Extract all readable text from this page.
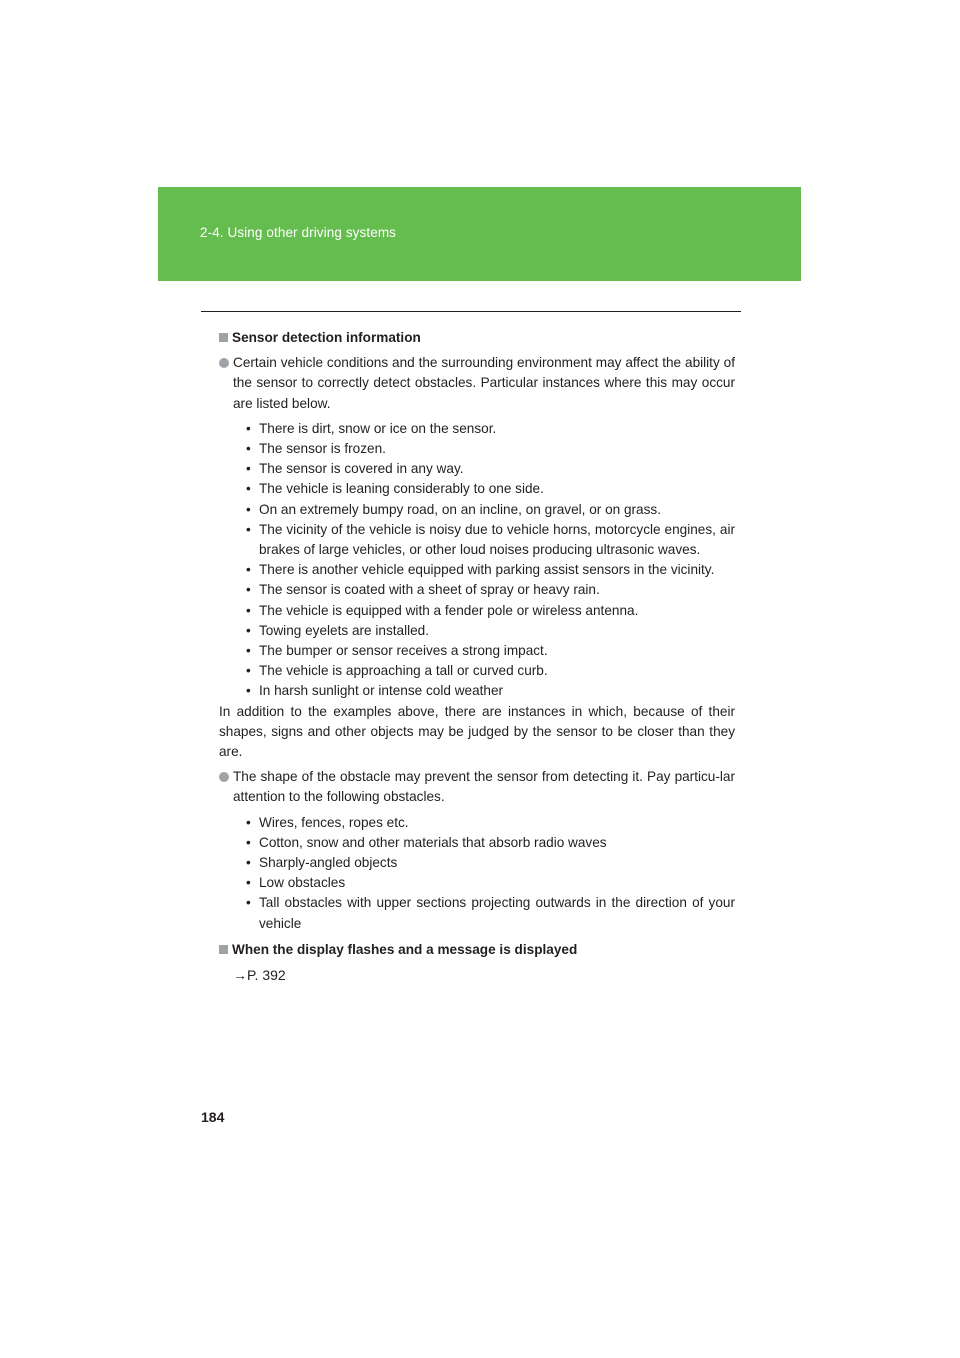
2-4. Using other driving systems
Sensor detection information
Certain vehicle conditions and the surrounding environment may affect the ability of the sensor to correctly detect obstacles. Particular instances where this may occur are listed below.
• There is dirt, snow or ice on the sensor.
• The sensor is frozen.
• The sensor is covered in any way.
• The vehicle is leaning considerably to one side.
• On an extremely bumpy road, on an incline, on gravel, or on grass.
• The vicinity of the vehicle is noisy due to vehicle horns, motorcycle engines, air brakes of large vehicles, or other loud noises producing ultrasonic waves.
• There is another vehicle equipped with parking assist sensors in the vicinity.
• The sensor is coated with a sheet of spray or heavy rain.
• The vehicle is equipped with a fender pole or wireless antenna.
• Towing eyelets are installed.
• The bumper or sensor receives a strong impact.
• The vehicle is approaching a tall or curved curb.
• In harsh sunlight or intense cold weather
In addition to the examples above, there are instances in which, because of their shapes, signs and other objects may be judged by the sensor to be closer than they are.
The shape of the obstacle may prevent the sensor from detecting it. Pay particu-lar attention to the following obstacles.
• Wires, fences, ropes etc.
• Cotton, snow and other materials that absorb radio waves
• Sharply-angled objects
• Low obstacles
• Tall obstacles with upper sections projecting outwards in the direction of your vehicle
When the display flashes and a message is displayed
→P. 392
184
